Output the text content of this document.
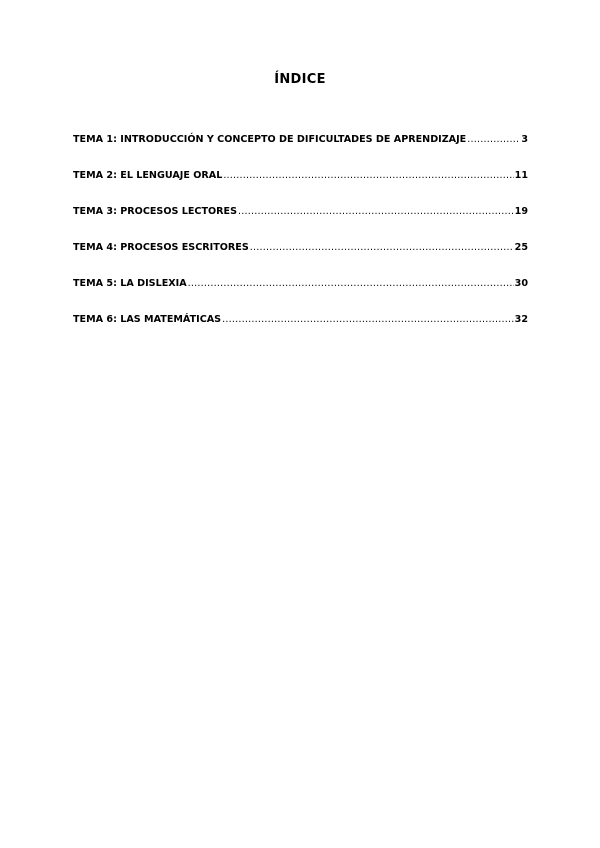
ÍNDICE
TEMA 1: INTRODUCCIÓN Y CONCEPTO DE DIFICULTADES DE APRENDIZAJE .....	3
TEMA 2: EL LENGUAJE ORAL .....	11
TEMA 3: PROCESOS LECTORES .....	19
TEMA 4: PROCESOS ESCRITORES .....	25
TEMA 5: LA DISLEXIA .....	30
TEMA 6: LAS MATEMÁTICAS .....	32
